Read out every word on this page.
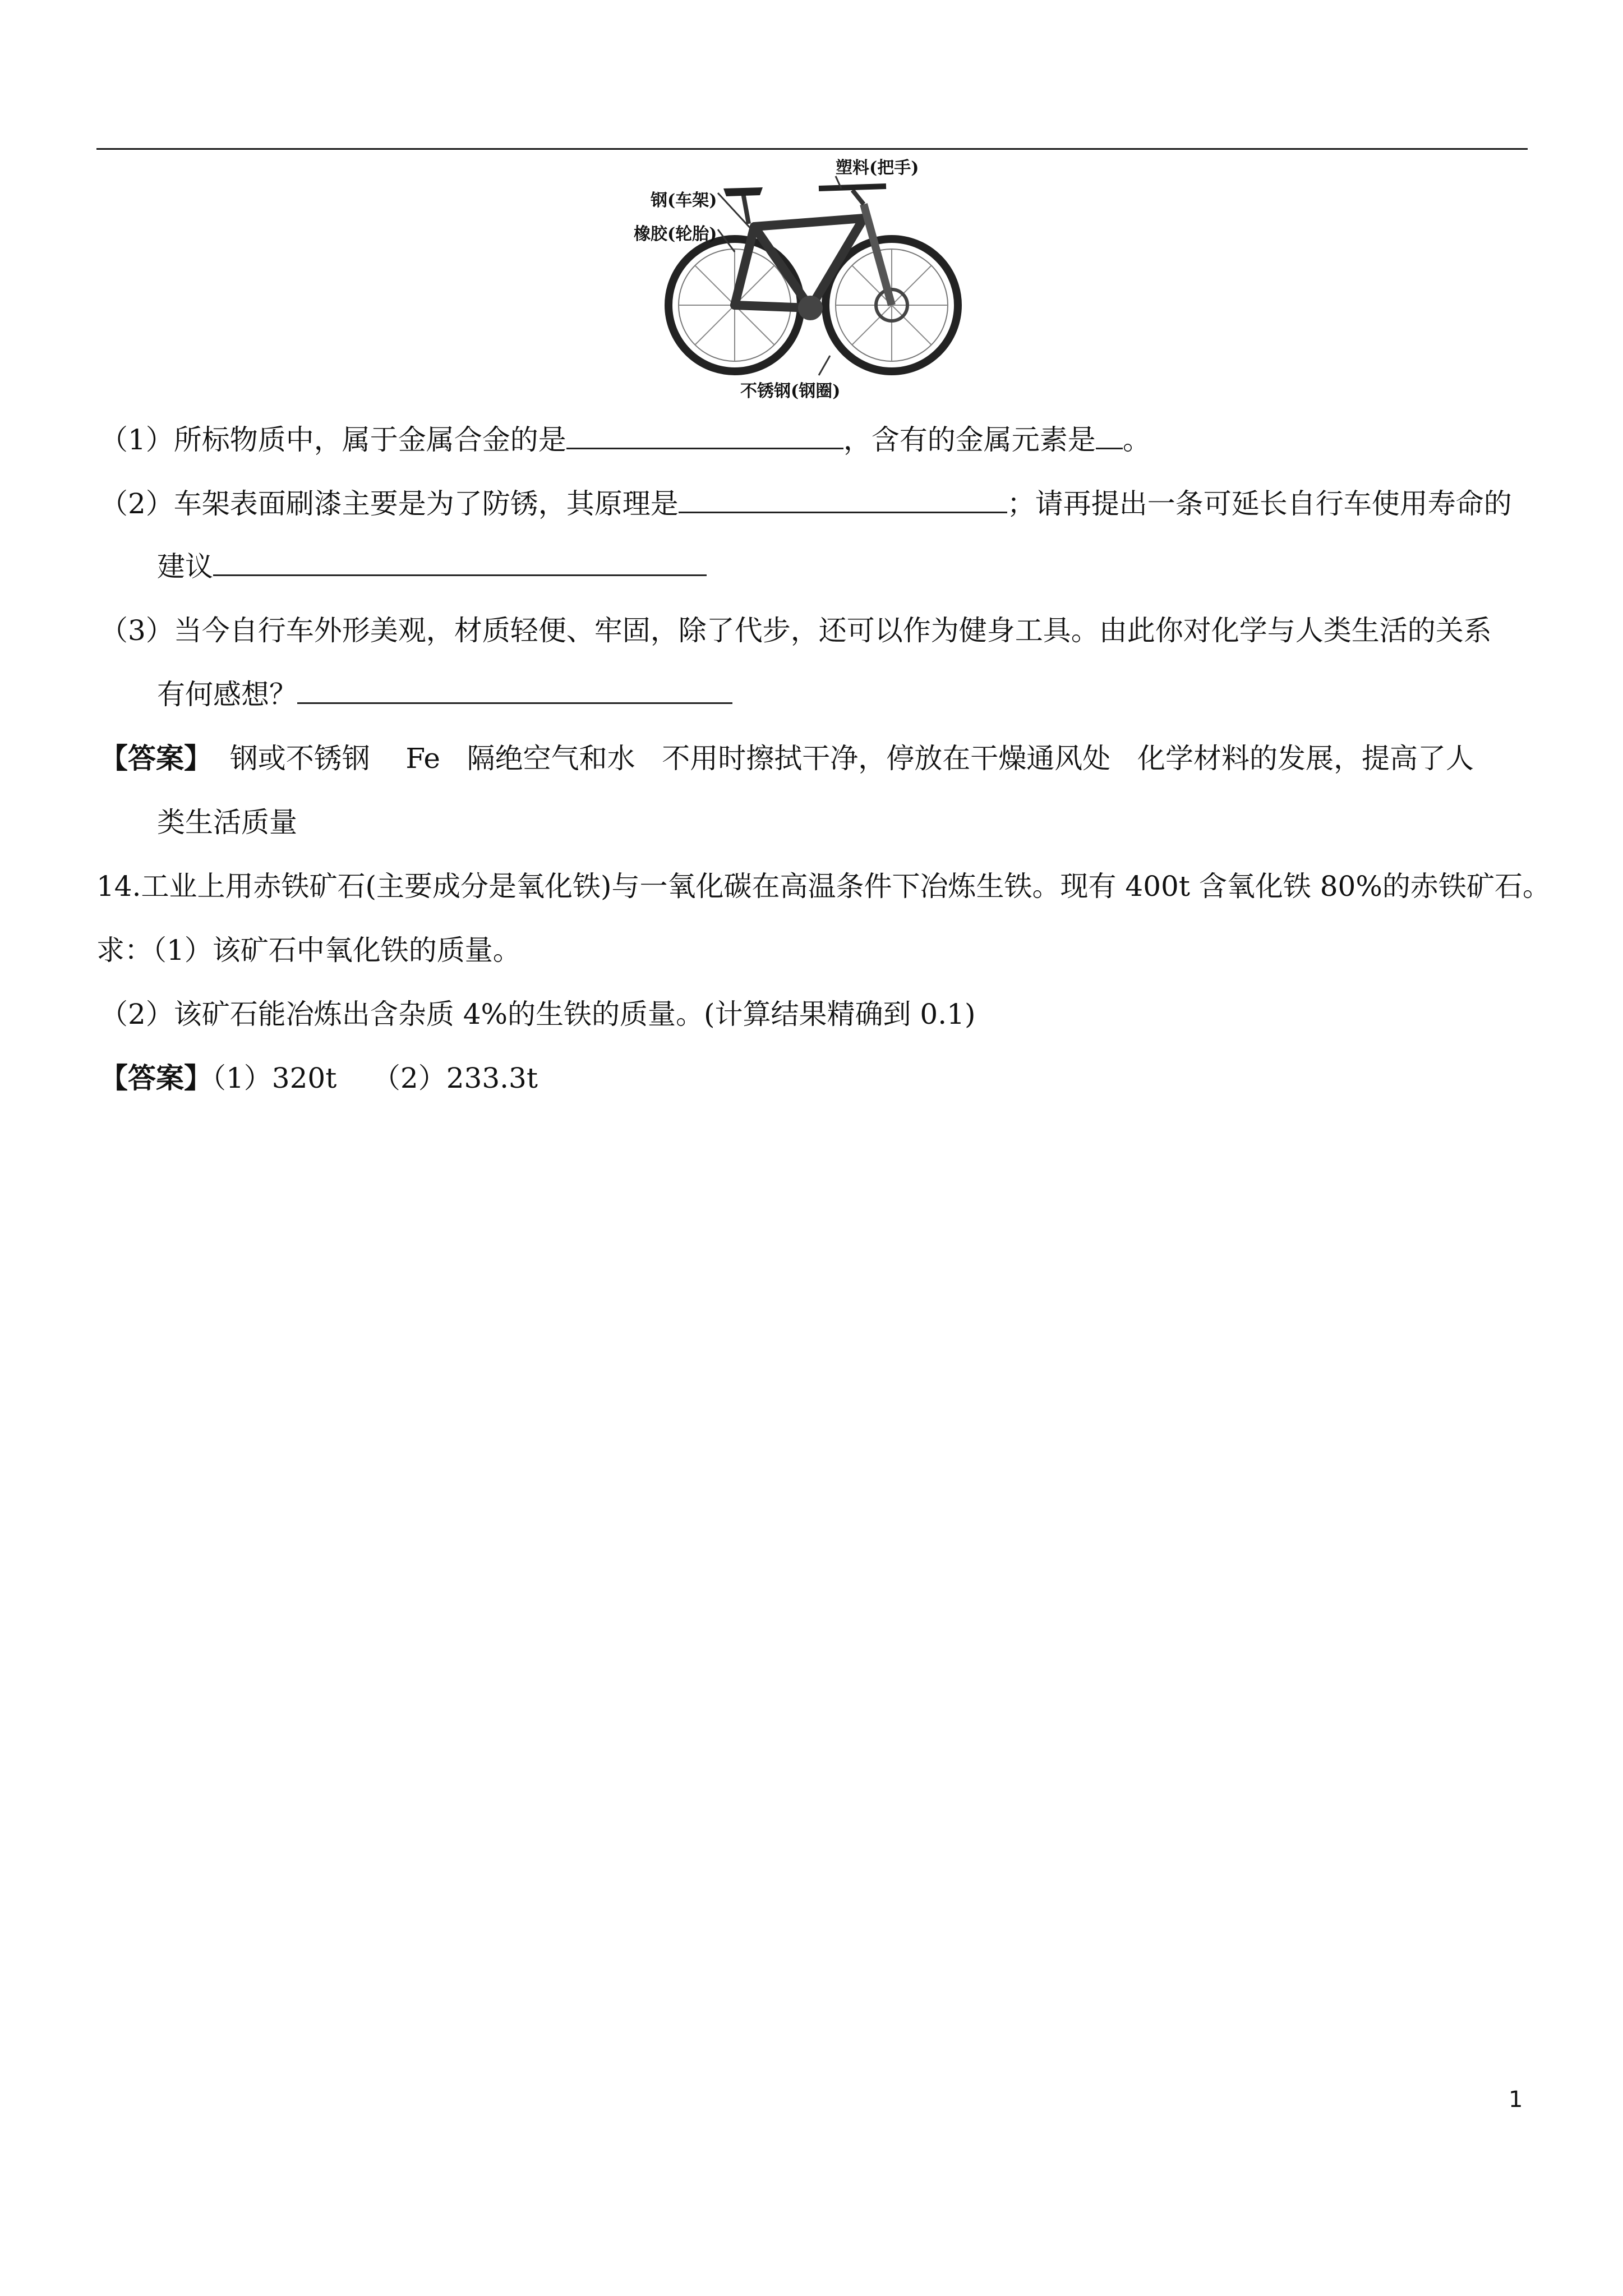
塑料(把手)
钢(车架)
橡胶(轮胎)
不锈钢(钢圈)
（1）所标物质中，属于金属合金的是	，含有的金属元素是 。
（2）车架表面刷漆主要是为了防锈，其原理是	；请再提出一条可延长自行车使用寿命的
建议
（3）当今自行车外形美观，材质轻便、牢固，除了代步，还可以作为健身工具。由此你对化学与人类生活的关系
有何感想？
【答案】  钢或不锈钢    Fe   隔绝空气和水   不用时擦拭干净，停放在干燥通风处   化学材料的发展，提高了人
类生活质量
14.工业上用赤铁矿石(主要成分是氧化铁)与一氧化碳在高温条件下冶炼生铁。现有 400t 含氧化铁 80%的赤铁矿石。
求：（1）该矿石中氧化铁的质量。
（2）该矿石能冶炼出含杂质 4%的生铁的质量。(计算结果精确到 0.1)
【答案】（1）320t    （2）233.3t
1
